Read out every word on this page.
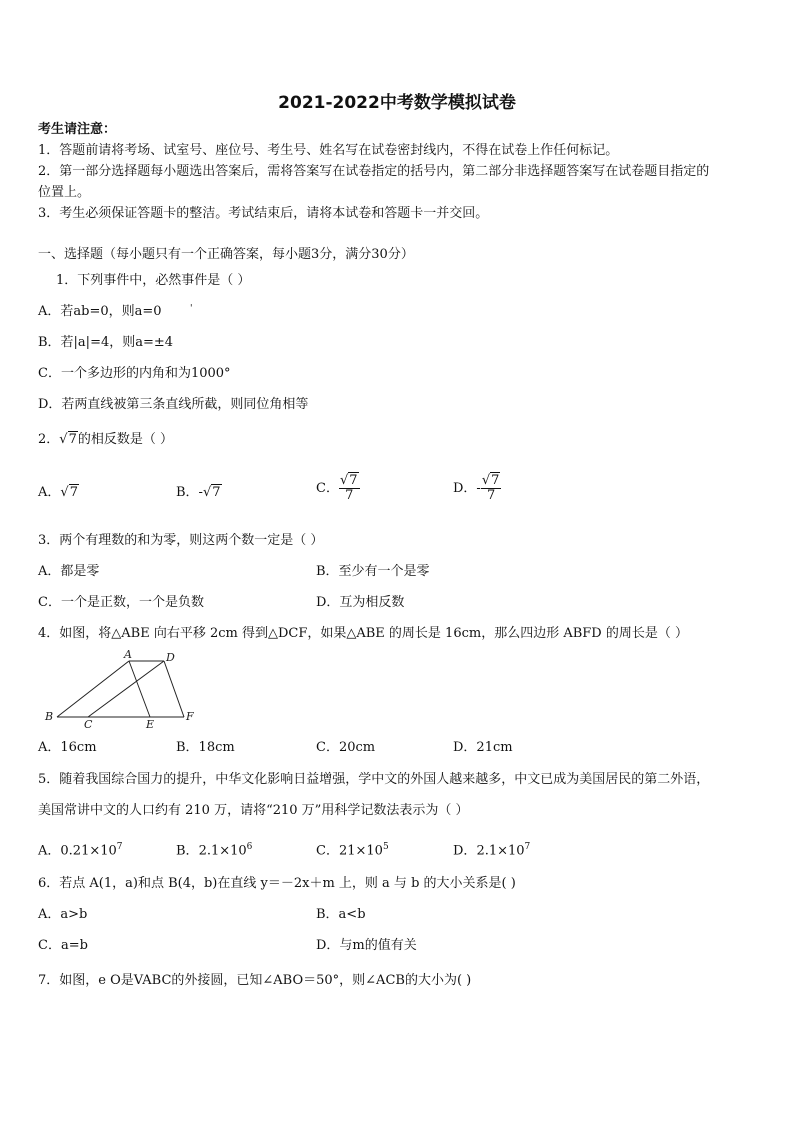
2021-2022中考数学模拟试卷
考生请注意：
1．答题前请将考场、试室号、座位号、考生号、姓名写在试卷密封线内，不得在试卷上作任何标记。
2．第一部分选择题每小题选出答案后，需将答案写在试卷指定的括号内，第二部分非选择题答案写在试卷题目指定的
位置上。
3．考生必须保证答题卡的整洁。考试结束后，请将本试卷和答题卡一并交回。
一、选择题（每小题只有一个正确答案，每小题3分，满分30分）
1．下列事件中，必然事件是（ ）
A．若ab=0，则a=0	'
B．若|a|=4，则a=±4
C．一个多边形的内角和为1000°
D．若两直线被第三条直线所截，则同位角相等
2．√7的相反数是（ ）
A．√7	B．-√7	C． $\frac{√7}{7}$	D．- $\frac{√7}{7}$
3．两个有理数的和为零，则这两个数一定是（ ）
A．都是零	B．至少有一个是零
C．一个是正数，一个是负数	D．互为相反数
4．如图，将△ABE 向右平移 2cm 得到△DCF，如果△ABE 的周长是 16cm，那么四边形 ABFD 的周长是（ ）
A	D
B
C	E
F
A．16cm	B．18cm	C．20cm	D．21cm
5．随着我国综合国力的提升，中华文化影响日益增强，学中文的外国人越来越多，中文已成为美国居民的第二外语，
美国常讲中文的人口约有 210 万，请将“210 万”用科学记数法表示为（ ）
A．$0.21\times 10^7$	B．$2.1\times 10^6$	C．$21\times 10^5$	D．$2.1\times 10^7$
6．若点 A(1，a)和点 B(4，b)在直线 y＝－2x＋m 上，则 a 与 b 的大小关系是( )
A．a>b	B．a<b
C．a=b	D．与m的值有关
7．如图，e O是VABC的外接圆，已知∠ABO＝50°，则∠ACB的大小为( )
